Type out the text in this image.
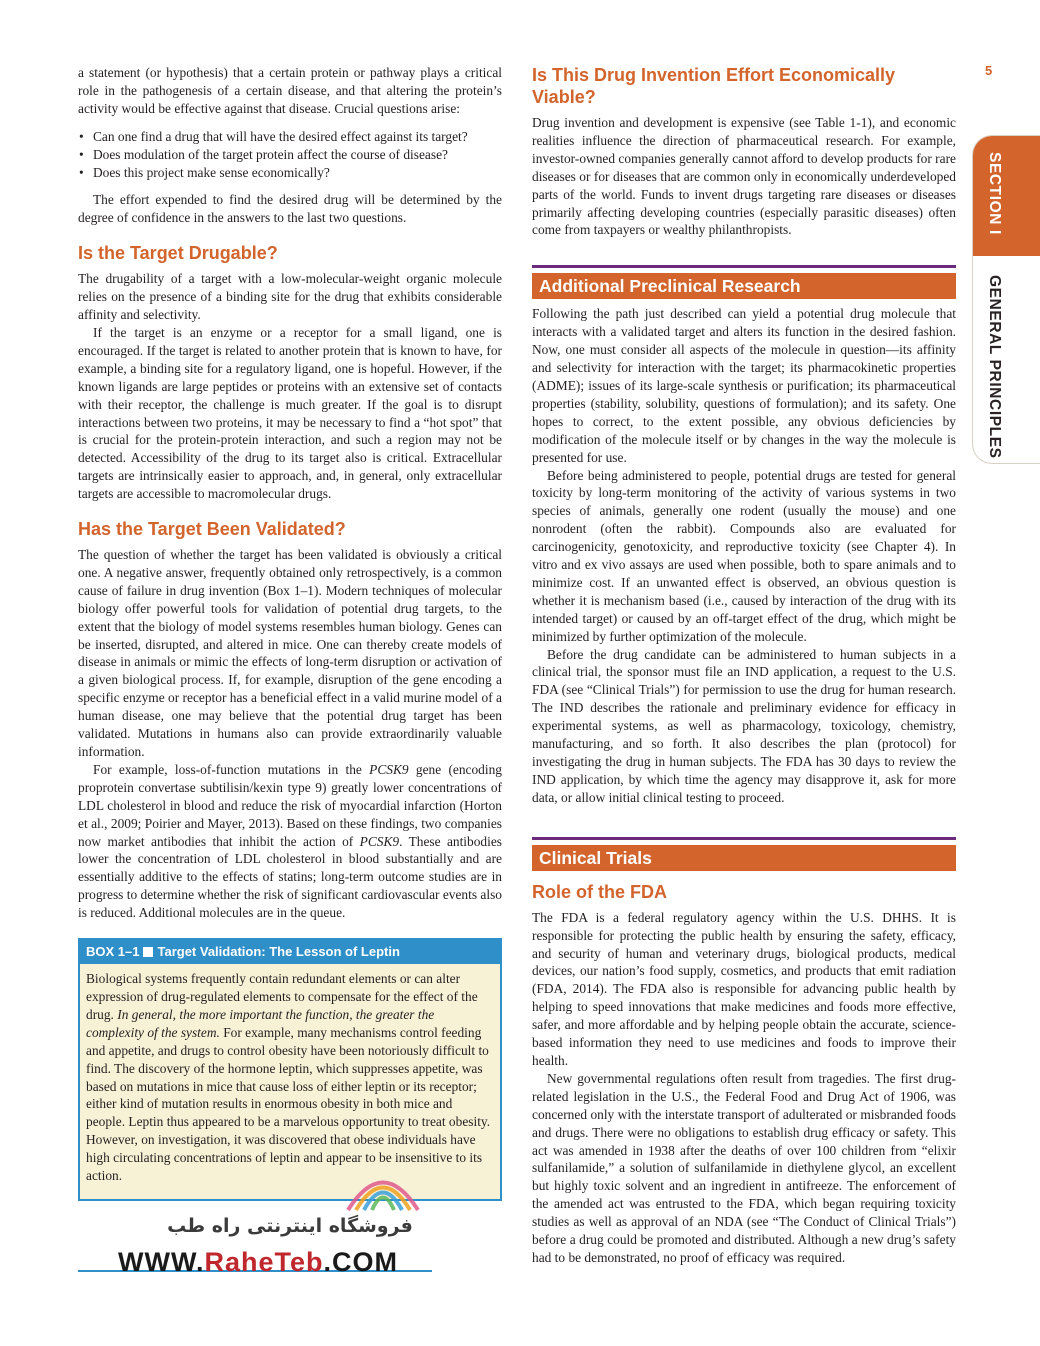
5
SECTION I GENERAL PRINCIPLES

a statement (or hypothesis) that a certain protein or pathway plays a critical role in the pathogenesis of a certain disease, and that altering the protein’s activity would be effective against that disease. Crucial questions arise:

• Can one find a drug that will have the desired effect against its target?
• Does modulation of the target protein affect the course of disease?
• Does this project make sense economically?

The effort expended to find the desired drug will be determined by the degree of confidence in the answers to the last two questions.

Is the Target Drugable?

The drugability of a target with a low-molecular-weight organic molecule relies on the presence of a binding site for the drug that exhibits considerable affinity and selectivity.

If the target is an enzyme or a receptor for a small ligand, one is encouraged. If the target is related to another protein that is known to have, for example, a binding site for a regulatory ligand, one is hopeful. However, if the known ligands are large peptides or proteins with an extensive set of contacts with their receptor, the challenge is much greater. If the goal is to disrupt interactions between two proteins, it may be necessary to find a “hot spot” that is crucial for the protein-protein interaction, and such a region may not be detected. Accessibility of the drug to its target also is critical. Extracellular targets are intrinsically easier to approach, and, in general, only extracellular targets are accessible to macromolecular drugs.

Has the Target Been Validated?

The question of whether the target has been validated is obviously a critical one. A negative answer, frequently obtained only retrospectively, is a common cause of failure in drug invention (Box 1–1). Modern techniques of molecular biology offer powerful tools for validation of potential drug targets, to the extent that the biology of model systems resembles human biology. Genes can be inserted, disrupted, and altered in mice. One can thereby create models of disease in animals or mimic the effects of long-term disruption or activation of a given biological process. If, for example, disruption of the gene encoding a specific enzyme or receptor has a beneficial effect in a valid murine model of a human disease, one may believe that the potential drug target has been validated. Mutations in humans also can provide extraordinarily valuable information.

For example, loss-of-function mutations in the PCSK9 gene (encoding proprotein convertase subtilisin/kexin type 9) greatly lower concentrations of LDL cholesterol in blood and reduce the risk of myocardial infarction (Horton et al., 2009; Poirier and Mayer, 2013). Based on these findings, two companies now market antibodies that inhibit the action of PCSK9. These antibodies lower the concentration of LDL cholesterol in blood substantially and are essentially additive to the effects of statins; long-term outcome studies are in progress to determine whether the risk of significant cardiovascular events also is reduced. Additional molecules are in the queue.

BOX 1–1 Target Validation: The Lesson of Leptin

Biological systems frequently contain redundant elements or can alter expression of drug-regulated elements to compensate for the effect of the drug. In general, the more important the function, the greater the complexity of the system. For example, many mechanisms control feeding and appetite, and drugs to control obesity have been notoriously difficult to find. The discovery of the hormone leptin, which suppresses appetite, was based on mutations in mice that cause loss of either leptin or its receptor; either kind of mutation results in enormous obesity in both mice and people. Leptin thus appeared to be a marvelous opportunity to treat obesity. However, on investigation, it was discovered that obese individuals have high circulating concentrations of leptin and appear to be insensitive to its action.

Is This Drug Invention Effort Economically Viable?

Drug invention and development is expensive (see Table 1-1), and economic realities influence the direction of pharmaceutical research. For example, investor-owned companies generally cannot afford to develop products for rare diseases or for diseases that are common only in economically underdeveloped parts of the world. Funds to invent drugs targeting rare diseases or diseases primarily affecting developing countries (especially parasitic diseases) often come from taxpayers or wealthy philanthropists.

Additional Preclinical Research

Following the path just described can yield a potential drug molecule that interacts with a validated target and alters its function in the desired fashion. Now, one must consider all aspects of the molecule in question—its affinity and selectivity for interaction with the target; its pharmacokinetic properties (ADME); issues of its large-scale synthesis or purification; its pharmaceutical properties (stability, solubility, questions of formulation); and its safety. One hopes to correct, to the extent possible, any obvious deficiencies by modification of the molecule itself or by changes in the way the molecule is presented for use.

Before being administered to people, potential drugs are tested for general toxicity by long-term monitoring of the activity of various systems in two species of animals, generally one rodent (usually the mouse) and one nonrodent (often the rabbit). Compounds also are evaluated for carcinogenicity, genotoxicity, and reproductive toxicity (see Chapter 4). In vitro and ex vivo assays are used when possible, both to spare animals and to minimize cost. If an unwanted effect is observed, an obvious question is whether it is mechanism based (i.e., caused by interaction of the drug with its intended target) or caused by an off-target effect of the drug, which might be minimized by further optimization of the molecule.

Before the drug candidate can be administered to human subjects in a clinical trial, the sponsor must file an IND application, a request to the U.S. FDA (see “Clinical Trials”) for permission to use the drug for human research. The IND describes the rationale and preliminary evidence for efficacy in experimental systems, as well as pharmacology, toxicology, chemistry, manufacturing, and so forth. It also describes the plan (protocol) for investigating the drug in human subjects. The FDA has 30 days to review the IND application, by which time the agency may disapprove it, ask for more data, or allow initial clinical testing to proceed.

Clinical Trials
Role of the FDA

The FDA is a federal regulatory agency within the U.S. DHHS. It is responsible for protecting the public health by ensuring the safety, efficacy, and security of human and veterinary drugs, biological products, medical devices, our nation’s food supply, cosmetics, and products that emit radiation (FDA, 2014). The FDA also is responsible for advancing public health by helping to speed innovations that make medicines and foods more effective, safer, and more affordable and by helping people obtain the accurate, science-based information they need to use medicines and foods to improve their health.

New governmental regulations often result from tragedies. The first drug-related legislation in the U.S., the Federal Food and Drug Act of 1906, was concerned only with the interstate transport of adulterated or misbranded foods and drugs. There were no obligations to establish drug efficacy or safety. This act was amended in 1938 after the deaths of over 100 children from “elixir sulfanilamide,” a solution of sulfanilamide in diethylene glycol, an excellent but highly toxic solvent and an ingredient in antifreeze. The enforcement of the amended act was entrusted to the FDA, which began requiring toxicity studies as well as approval of an NDA (see “The Conduct of Clinical Trials”) before a drug could be promoted and distributed. Although a new drug’s safety had to be demonstrated, no proof of efficacy was required.

فروشگاه اینترنتی راه طب
WWW.RaheTeb.COM
